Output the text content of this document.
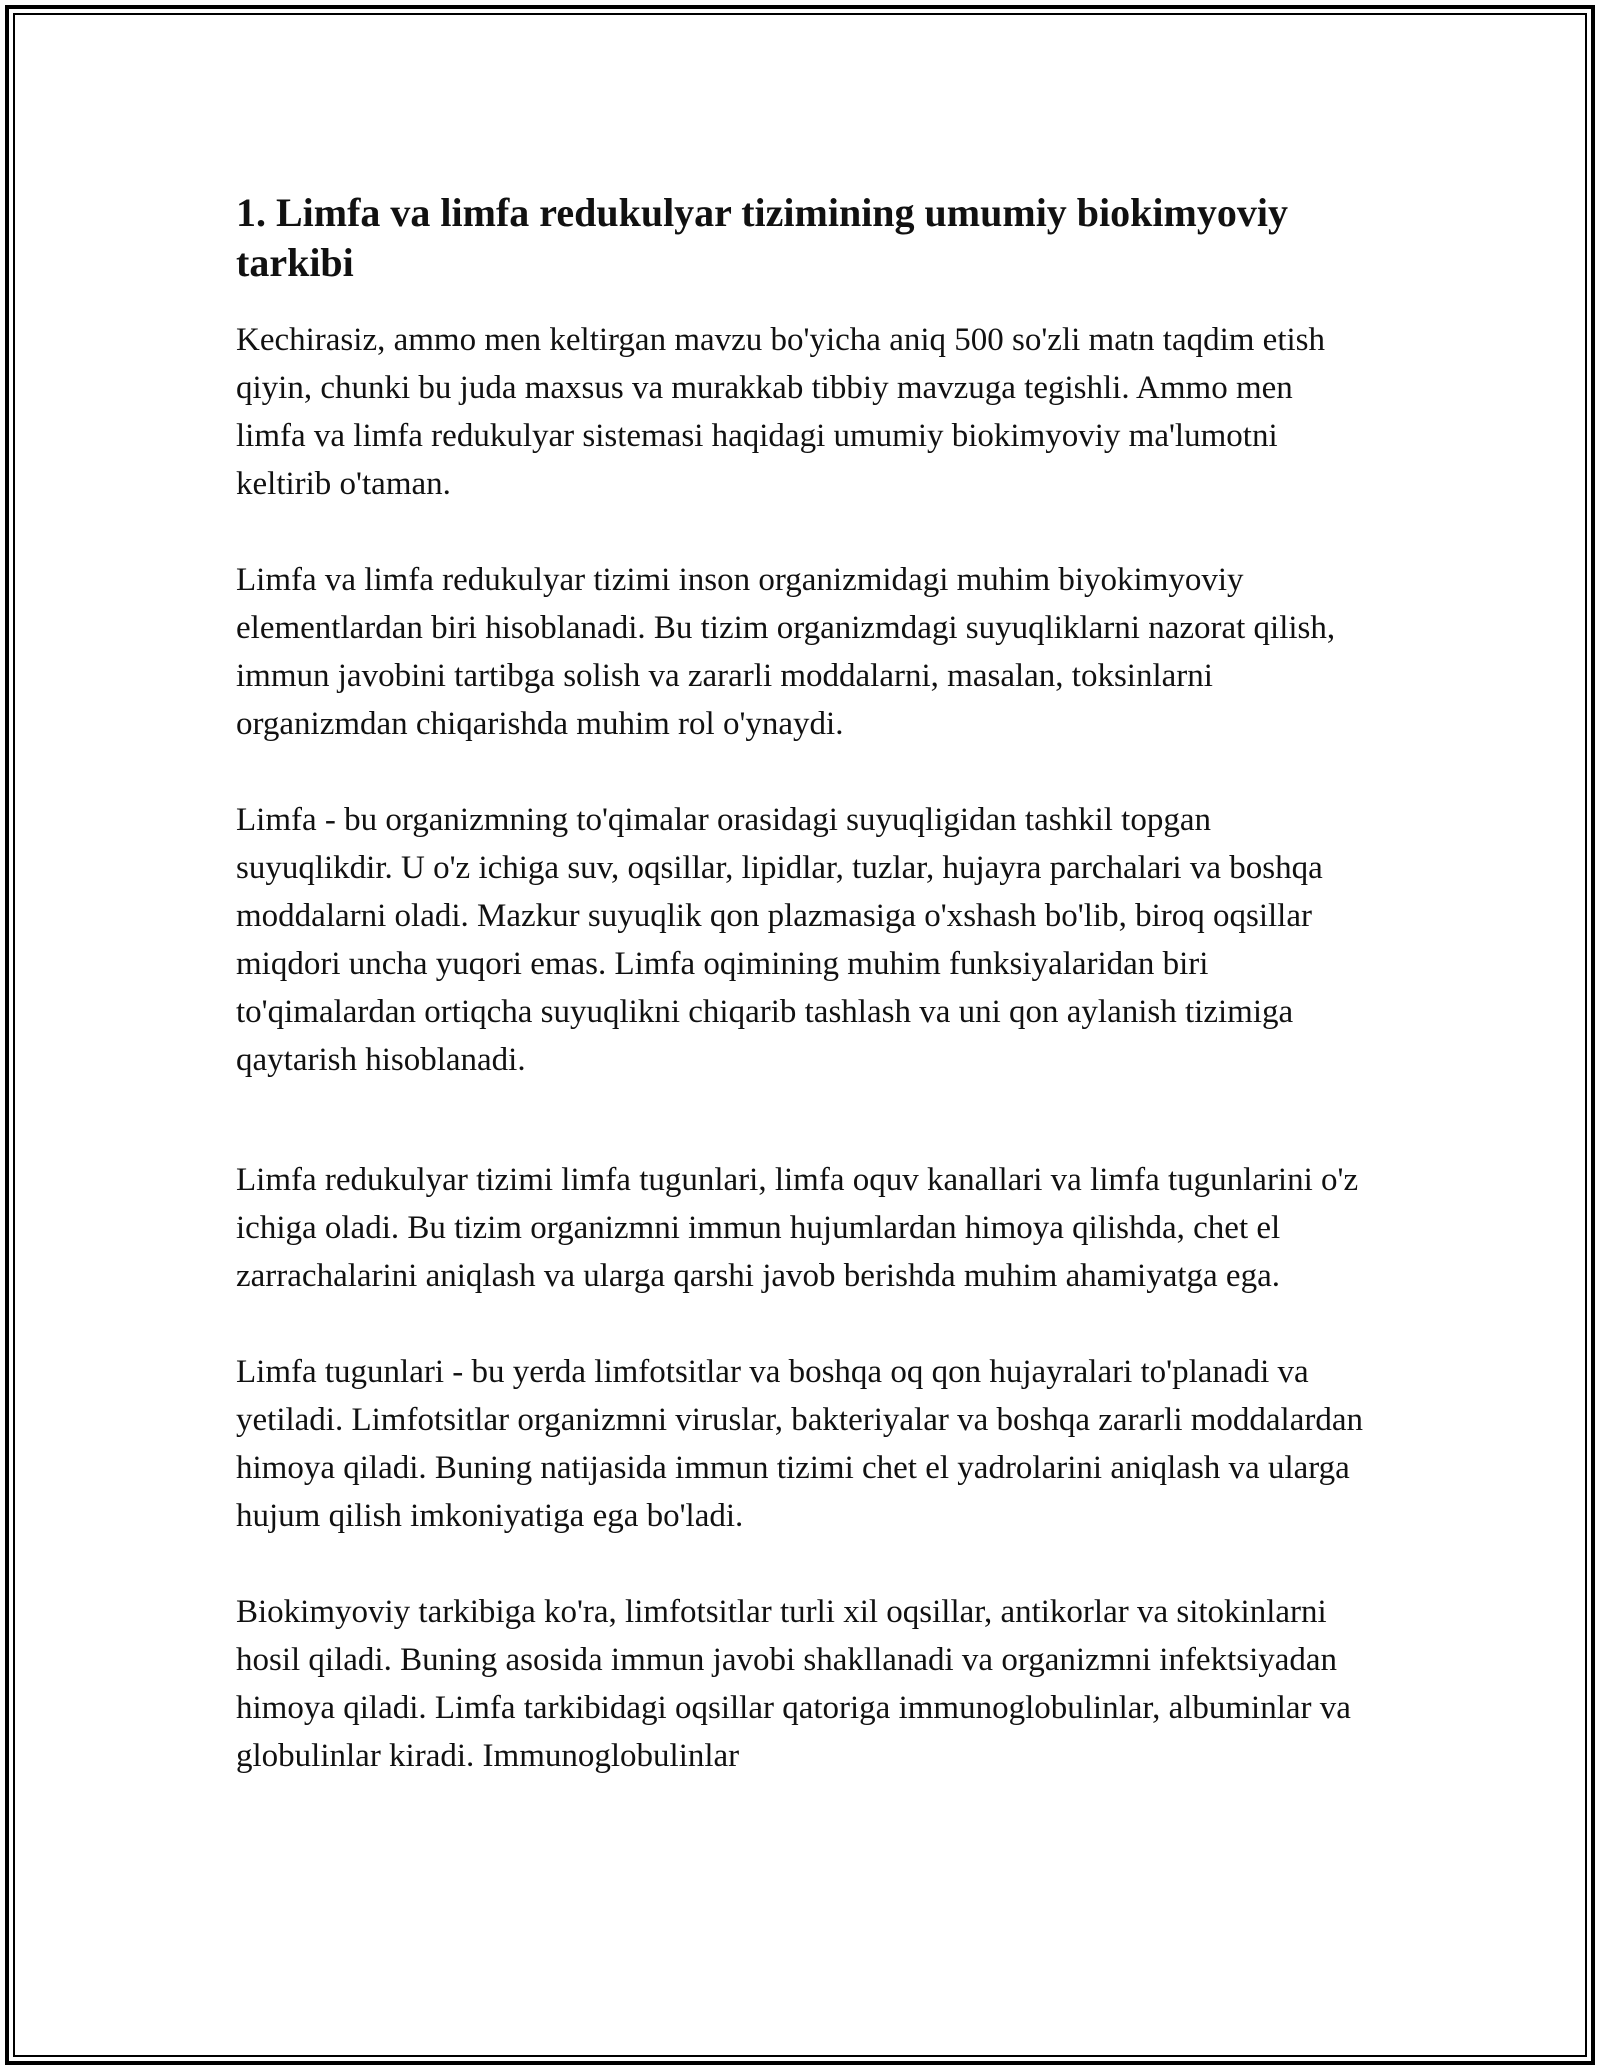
1. Limfa va limfa redukulyar tizimining umumiy biokimyoviy tarkibi

Kechirasiz, ammo men keltirgan mavzu bo'yicha aniq 500 so'zli matn taqdim etish qiyin, chunki bu juda maxsus va murakkab tibbiy mavzuga tegishli. Ammo men limfa va limfa redukulyar sistemasi haqidagi umumiy biokimyoviy ma'lumotni keltirib o'taman.

Limfa va limfa redukulyar tizimi inson organizmidagi muhim biyokimyoviy elementlardan biri hisoblanadi. Bu tizim organizmdagi suyuqliklarni nazorat qilish, immun javobini tartibga solish va zararli moddalarni, masalan, toksinlarni organizmdan chiqarishda muhim rol o'ynaydi.

Limfa - bu organizmning to'qimalar orasidagi suyuqligidan tashkil topgan suyuqlikdir. U o'z ichiga suv, oqsillar, lipidlar, tuzlar, hujayra parchalari va boshqa moddalarni oladi. Mazkur suyuqlik qon plazmasiga o'xshash bo'lib, biroq oqsillar miqdori uncha yuqori emas. Limfa oqimining muhim funksiyalaridan biri to'qimalardan ortiqcha suyuqlikni chiqarib tashlash va uni qon aylanish tizimiga qaytarish hisoblanadi.

Limfa redukulyar tizimi limfa tugunlari, limfa oquv kanallari va limfa tugunlarini o'z ichiga oladi. Bu tizim organizmni immun hujumlardan himoya qilishda, chet el zarrachalarini aniqlash va ularga qarshi javob berishda muhim ahamiyatga ega.

Limfa tugunlari - bu yerda limfotsitlar va boshqa oq qon hujayralari to'planadi va yetiladi. Limfotsitlar organizmni viruslar, bakteriyalar va boshqa zararli moddalardan himoya qiladi. Buning natijasida immun tizimi chet el yadrolarini aniqlash va ularga hujum qilish imkoniyatiga ega bo'ladi.

Biokimyoviy tarkibiga ko'ra, limfotsitlar turli xil oqsillar, antikorlar va sitokinlarni hosil qiladi. Buning asosida immun javobi shakllanadi va organizmni infektsiyadan himoya qiladi. Limfa tarkibidagi oqsillar qatoriga immunoglobulinlar, albuminlar va globulinlar kiradi. Immunoglobulinlar
